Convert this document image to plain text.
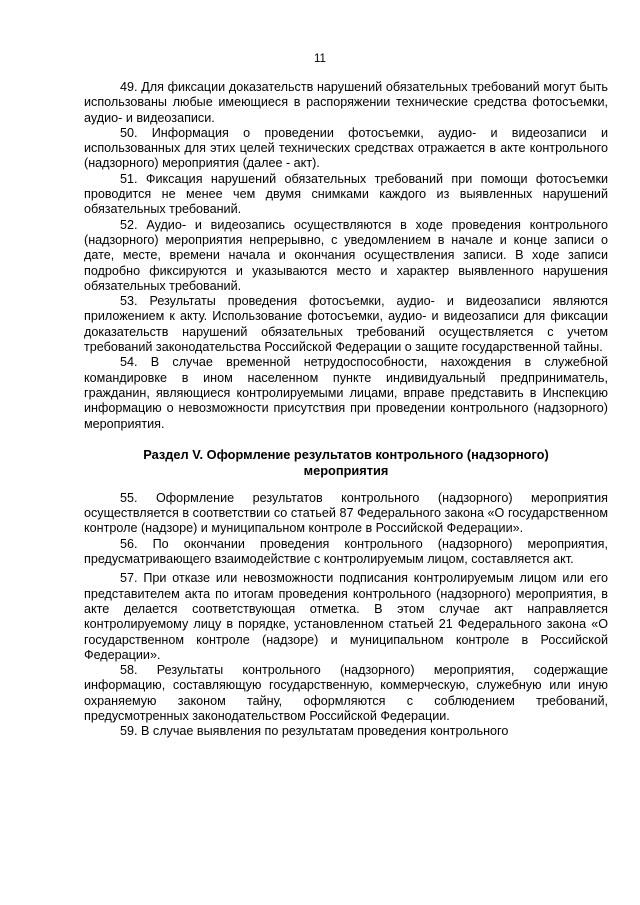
11

49. Для фиксации доказательств нарушений обязательных требований могут быть использованы любые имеющиеся в распоряжении технические средства фотосъемки, аудио- и видеозаписи.

50. Информация о проведении фотосъемки, аудио- и видеозаписи и использованных для этих целей технических средствах отражается в акте контрольного (надзорного) мероприятия (далее - акт).

51. Фиксация нарушений обязательных требований при помощи фотосъемки проводится не менее чем двумя снимками каждого из выявленных нарушений обязательных требований.

52. Аудио- и видеозапись осуществляются в ходе проведения контрольного (надзорного) мероприятия непрерывно, с уведомлением в начале и конце записи о дате, месте, времени начала и окончания осуществления записи. В ходе записи подробно фиксируются и указываются место и характер выявленного нарушения обязательных требований.

53. Результаты проведения фотосъемки, аудио- и видеозаписи являются приложением к акту. Использование фотосъемки, аудио- и видеозаписи для фиксации доказательств нарушений обязательных требований осуществляется с учетом требований законодательства Российской Федерации о защите государственной тайны.

54. В случае временной нетрудоспособности, нахождения в служебной командировке в ином населенном пункте индивидуальный предприниматель, гражданин, являющиеся контролируемыми лицами, вправе представить в Инспекцию информацию о невозможности присутствия при проведении контрольного (надзорного) мероприятия.

Раздел V. Оформление результатов контрольного (надзорного) мероприятия

55. Оформление результатов контрольного (надзорного) мероприятия осуществляется в соответствии со статьей 87 Федерального закона «О государственном контроле (надзоре) и муниципальном контроле в Российской Федерации».

56. По окончании проведения контрольного (надзорного) мероприятия, предусматривающего взаимодействие с контролируемым лицом, составляется акт.

57. При отказе или невозможности подписания контролируемым лицом или его представителем акта по итогам проведения контрольного (надзорного) мероприятия, в акте делается соответствующая отметка. В этом случае акт направляется контролируемому лицу в порядке, установленном статьей 21 Федерального закона «О государственном контроле (надзоре) и муниципальном контроле в Российской Федерации».

58. Результаты контрольного (надзорного) мероприятия, содержащие информацию, составляющую государственную, коммерческую, служебную или иную охраняемую законом тайну, оформляются с соблюдением требований, предусмотренных законодательством Российской Федерации.

59. В случае выявления по результатам проведения контрольного
